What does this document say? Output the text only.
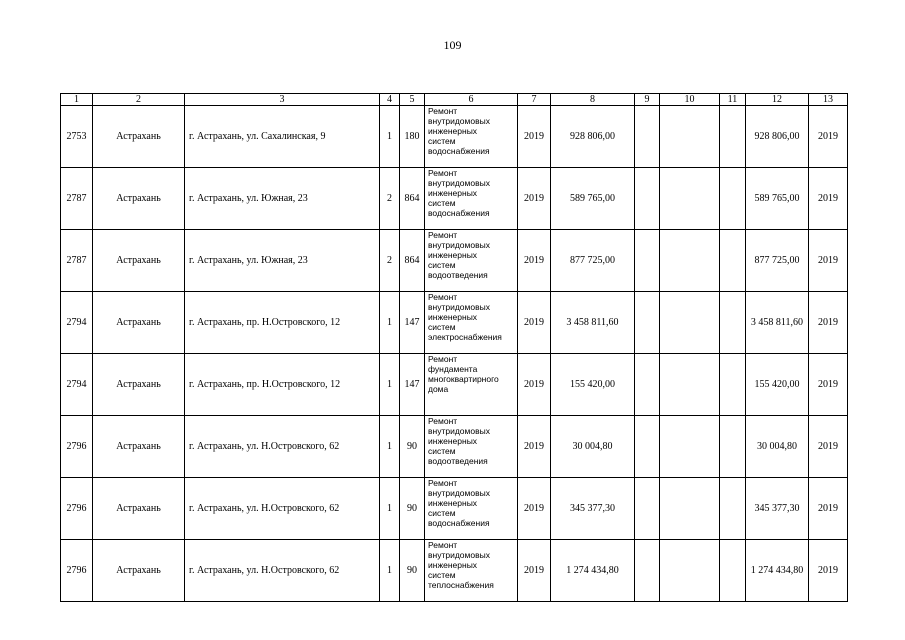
109
1	2	3	4	5	6	7	8	9	10	11	12	13
2753	Астрахань	г. Астрахань, ул. Сахалинская, 9	1	180	Ремонт
внутридомовых
инженерных
систем
водоснабжения	2019	928 806,00				928 806,00	2019
2787	Астрахань	г. Астрахань, ул. Южная, 23	2	864	Ремонт
внутридомовых
инженерных
систем
водоснабжения	2019	589 765,00				589 765,00	2019
2787	Астрахань	г. Астрахань, ул. Южная, 23	2	864	Ремонт
внутридомовых
инженерных
систем
водоотведения	2019	877 725,00				877 725,00	2019
2794	Астрахань	г. Астрахань, пр. Н.Островского, 12	1	147	Ремонт
внутридомовых
инженерных
систем
электроснабжения	2019	3 458 811,60				3 458 811,60	2019
2794	Астрахань	г. Астрахань, пр. Н.Островского, 12	1	147	Ремонт
фундамента
многоквартирного
дома	2019	155 420,00				155 420,00	2019
2796	Астрахань	г. Астрахань, ул. Н.Островского, 62	1	90	Ремонт
внутридомовых
инженерных
систем
водоотведения	2019	30 004,80				30 004,80	2019
2796	Астрахань	г. Астрахань, ул. Н.Островского, 62	1	90	Ремонт
внутридомовых
инженерных
систем
водоснабжения	2019	345 377,30				345 377,30	2019
2796	Астрахань	г. Астрахань, ул. Н.Островского, 62	1	90	Ремонт
внутридомовых
инженерных
систем
теплоснабжения	2019	1 274 434,80				1 274 434,80	2019
